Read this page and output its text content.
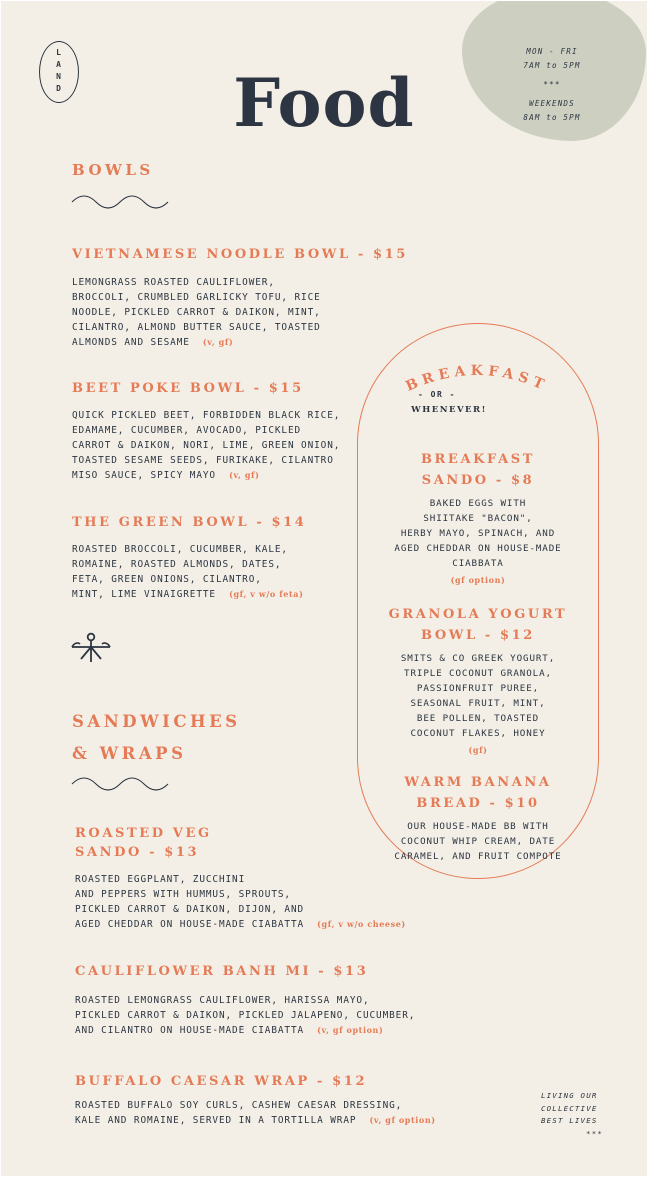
L
A
N
D
MON - FRI
7AM to 5PM
***
WEEKENDS
8AM to 5PM
Food
BOWLS
VIETNAMESE NOODLE BOWL - $15
LEMONGRASS ROASTED CAULIFLOWER,
BROCCOLI, CRUMBLED GARLICKY TOFU, RICE
NOODLE, PICKLED CARROT & DAIKON, MINT,
CILANTRO, ALMOND BUTTER SAUCE, TOASTED
ALMONDS AND SESAME (v, gf)
BEET POKE BOWL - $15
QUICK PICKLED BEET, FORBIDDEN BLACK RICE,
EDAMAME, CUCUMBER, AVOCADO, PICKLED
CARROT & DAIKON, NORI, LIME, GREEN ONION,
TOASTED SESAME SEEDS, FURIKAKE, CILANTRO
MISO SAUCE, SPICY MAYO (v, gf)
THE GREEN BOWL - $14
ROASTED BROCCOLI, CUCUMBER, KALE,
ROMAINE, ROASTED ALMONDS, DATES,
FETA, GREEN ONIONS, CILANTRO,
MINT, LIME VINAIGRETTE (gf, v w/o feta)
SANDWICHES
& WRAPS
ROASTED VEG
SANDO - $13
ROASTED EGGPLANT, ZUCCHINI
AND PEPPERS WITH HUMMUS, SPROUTS,
PICKLED CARROT & DAIKON, DIJON, AND
AGED CHEDDAR ON HOUSE-MADE CIABATTA (gf, v w/o cheese)
CAULIFLOWER BANH MI - $13
ROASTED LEMONGRASS CAULIFLOWER, HARISSA MAYO,
PICKLED CARROT & DAIKON, PICKLED JALAPENO, CUCUMBER,
AND CILANTRO ON HOUSE-MADE CIABATTA (v, gf option)
BUFFALO CAESAR WRAP - $12
ROASTED BUFFALO SOY CURLS, CASHEW CAESAR DRESSING,
KALE AND ROMAINE, SERVED IN A TORTILLA WRAP (v, gf option)
BREAKFAST
- OR -
WHENEVER!
BREAKFAST
SANDO - $8
BAKED EGGS WITH
SHIITAKE "BACON",
HERBY MAYO, SPINACH, AND
AGED CHEDDAR ON HOUSE-MADE
CIABBATA
(gf option)
GRANOLA YOGURT
BOWL - $12
SMITS & CO GREEK YOGURT,
TRIPLE COCONUT GRANOLA,
PASSIONFRUIT PUREE,
SEASONAL FRUIT, MINT,
BEE POLLEN, TOASTED
COCONUT FLAKES, HONEY
(gf)
WARM BANANA
BREAD - $10
OUR HOUSE-MADE BB WITH
COCONUT WHIP CREAM, DATE
CARAMEL, AND FRUIT COMPOTE
LIVING OUR
COLLECTIVE
BEST LIVES
***
